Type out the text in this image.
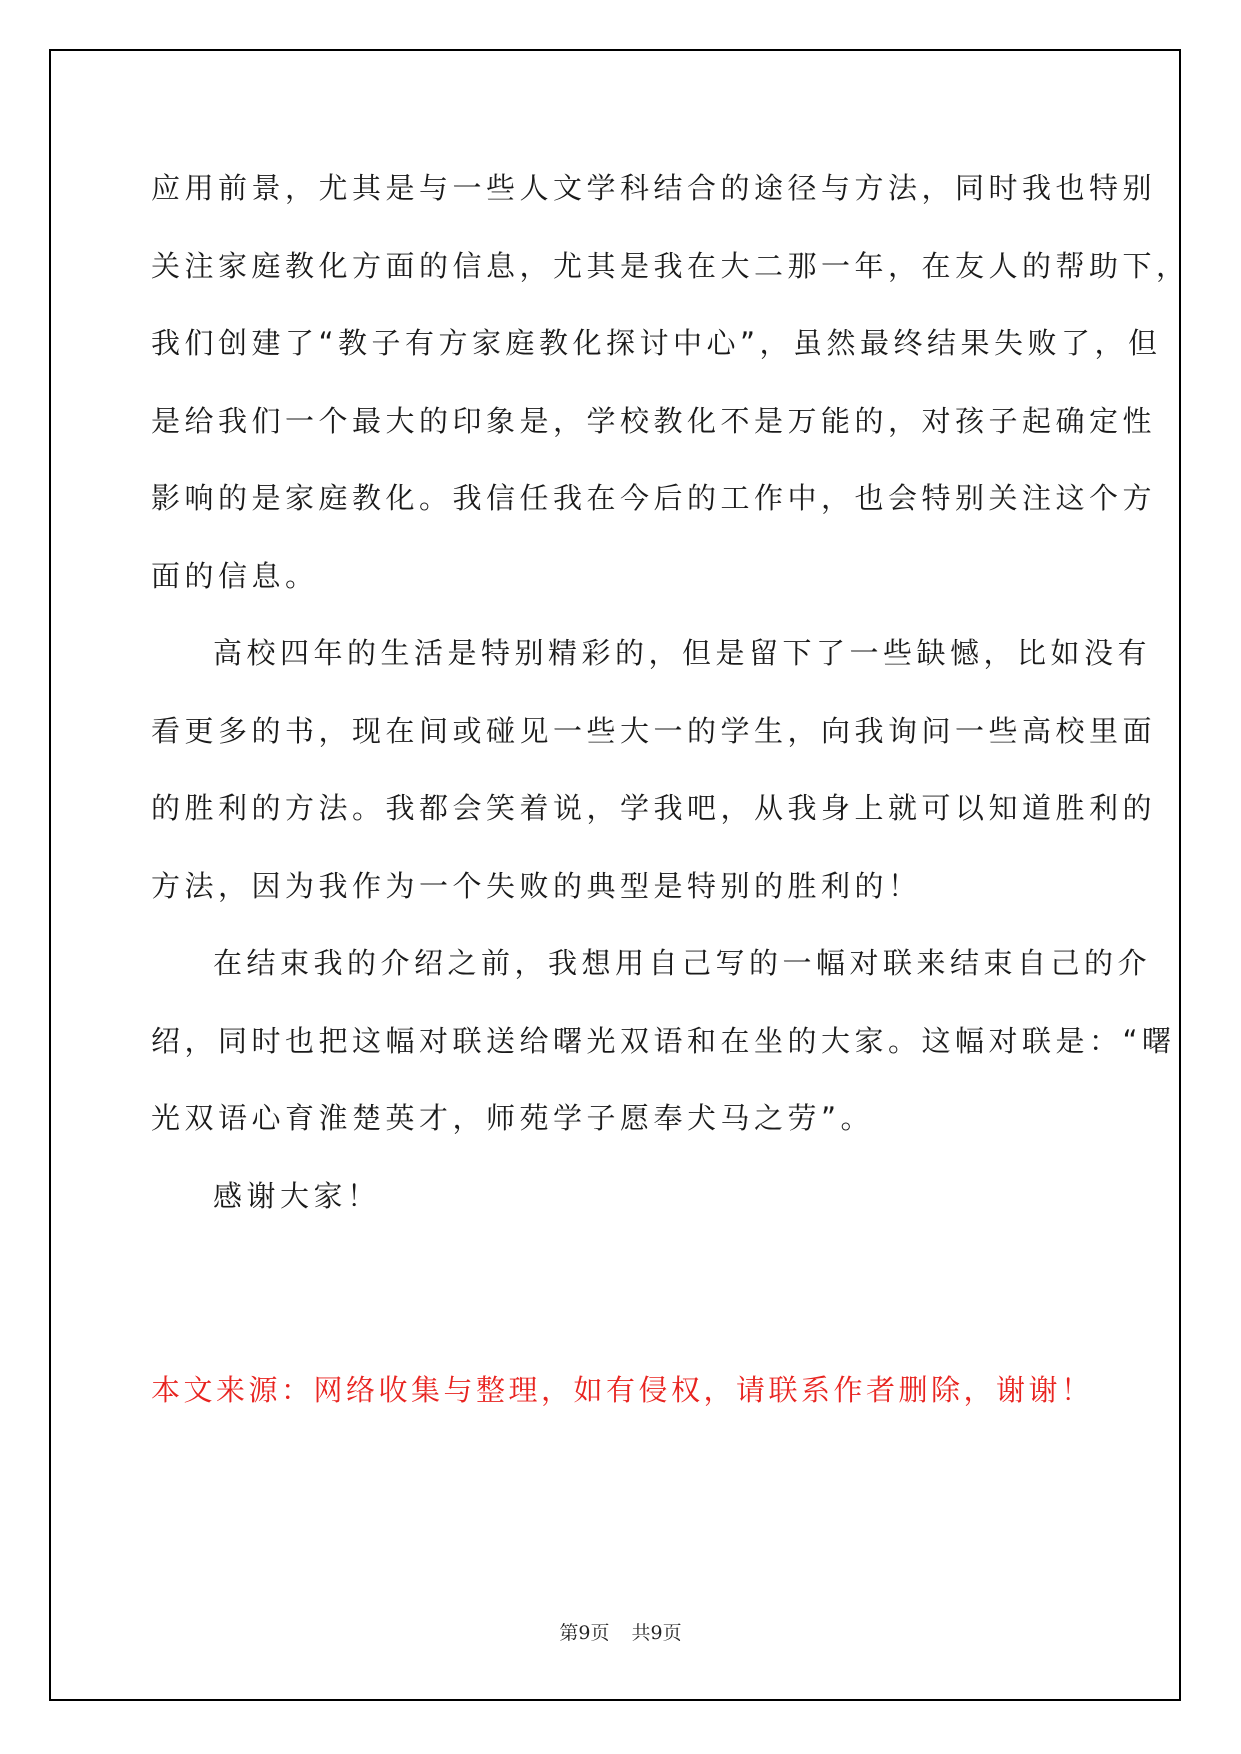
应用前景，尤其是与一些人文学科结合的途径与方法，同时我也特别
关注家庭教化方面的信息，尤其是我在大二那一年，在友人的帮助下，
我们创建了“教子有方家庭教化探讨中心”，虽然最终结果失败了，但
是给我们一个最大的印象是，学校教化不是万能的，对孩子起确定性
影响的是家庭教化。我信任我在今后的工作中，也会特别关注这个方
面的信息。
高校四年的生活是特别精彩的，但是留下了一些缺憾，比如没有
看更多的书，现在间或碰见一些大一的学生，向我询问一些高校里面
的胜利的方法。我都会笑着说，学我吧，从我身上就可以知道胜利的
方法，因为我作为一个失败的典型是特别的胜利的！
在结束我的介绍之前，我想用自己写的一幅对联来结束自己的介
绍，同时也把这幅对联送给曙光双语和在坐的大家。这幅对联是：“曙
光双语心育淮楚英才，师苑学子愿奉犬马之劳”。
感谢大家！
本文来源：网络收集与整理，如有侵权，请联系作者删除，谢谢！
第9页 共9页
